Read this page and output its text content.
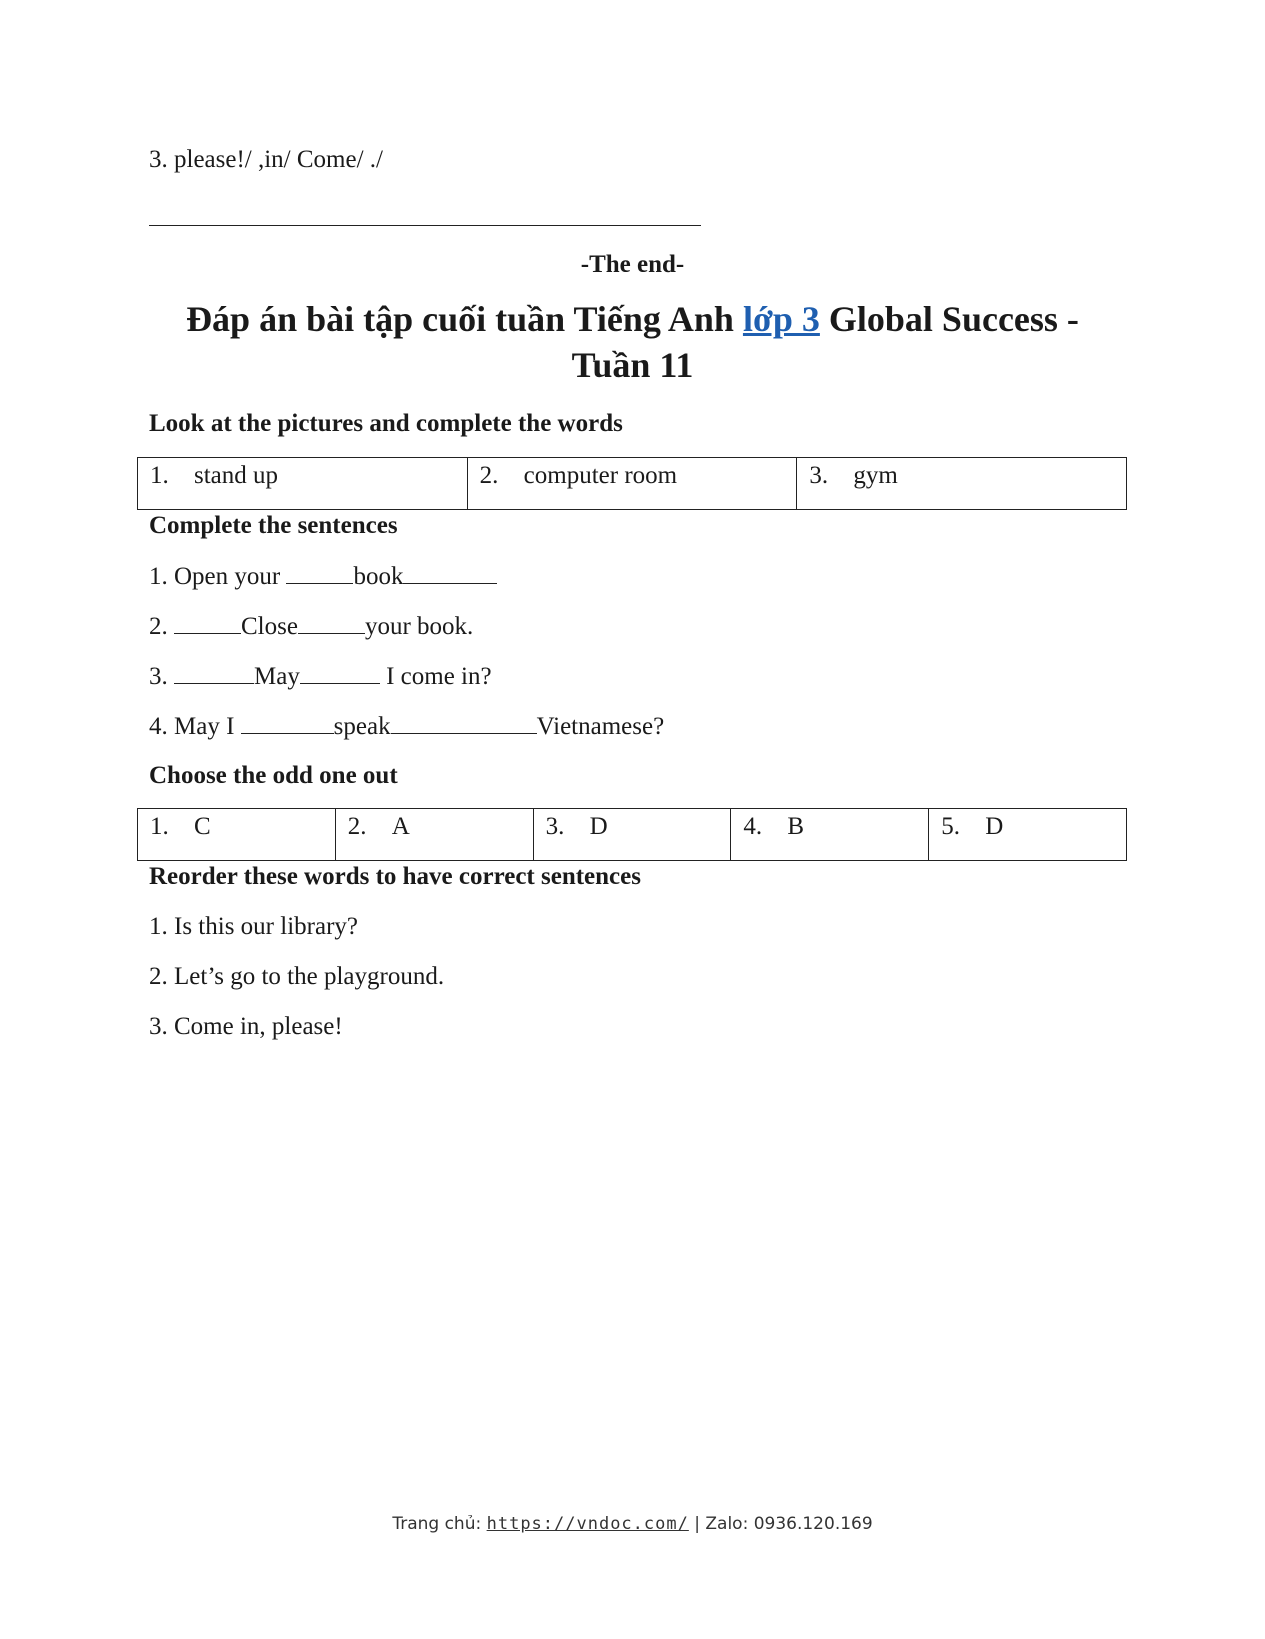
3. please!/ ,in/ Come/ ./
-The end-
Đáp án bài tập cuối tuần Tiếng Anh lớp 3 Global Success -
Tuần 11
Look at the pictures and complete the words
1. stand up	2. computer room	3. gym
Complete the sentences
1. Open your	book
2.	Close	your book.
3.	May	I come in?
4. May I	speak	Vietnamese?
Choose the odd one out
1. C	2. A	3. D	4. B	5. D
Reorder these words to have correct sentences
1. Is this our library?
2. Let’s go to the playground.
3. Come in, please!
Trang chủ: https://vndoc.com/ | Zalo: 0936.120.169
